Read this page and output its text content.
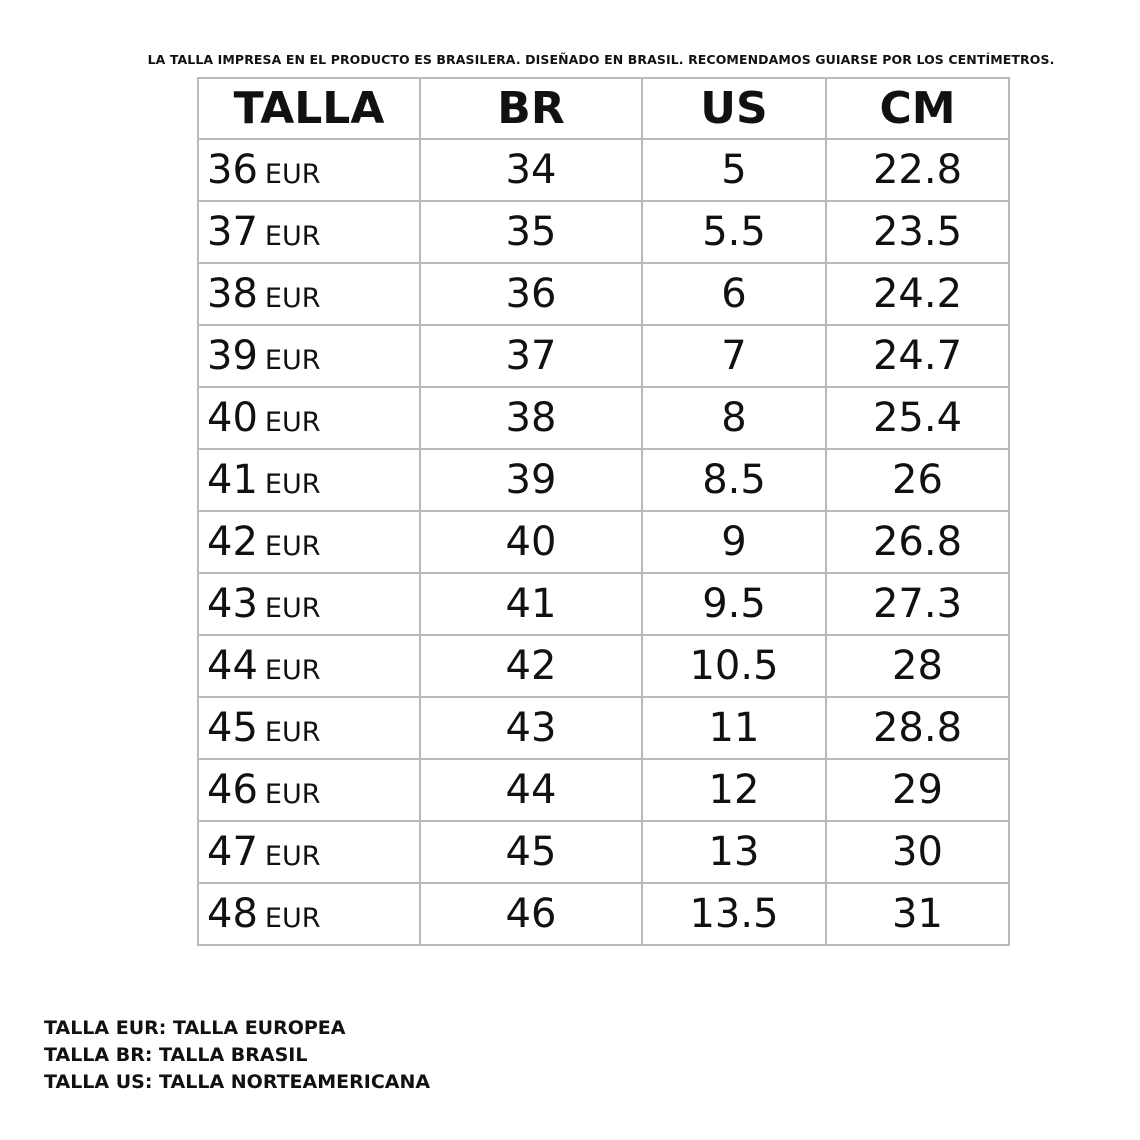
LA TALLA IMPRESA EN EL PRODUCTO ES BRASILERA. DISEÑADO EN BRASIL. RECOMENDAMOS GUIARSE POR LOS CENTÍMETROS.
TALLA	BR	US	CM
36 EUR	34	5	22.8
37 EUR	35	5.5	23.5
38 EUR	36	6	24.2
39 EUR	37	7	24.7
40 EUR	38	8	25.4
41 EUR	39	8.5	26
42 EUR	40	9	26.8
43 EUR	41	9.5	27.3
44 EUR	42	10.5	28
45 EUR	43	11	28.8
46 EUR	44	12	29
47 EUR	45	13	30
48 EUR	46	13.5	31
TALLA EUR: TALLA EUROPEA
TALLA BR: TALLA BRASIL
TALLA US: TALLA NORTEAMERICANA
